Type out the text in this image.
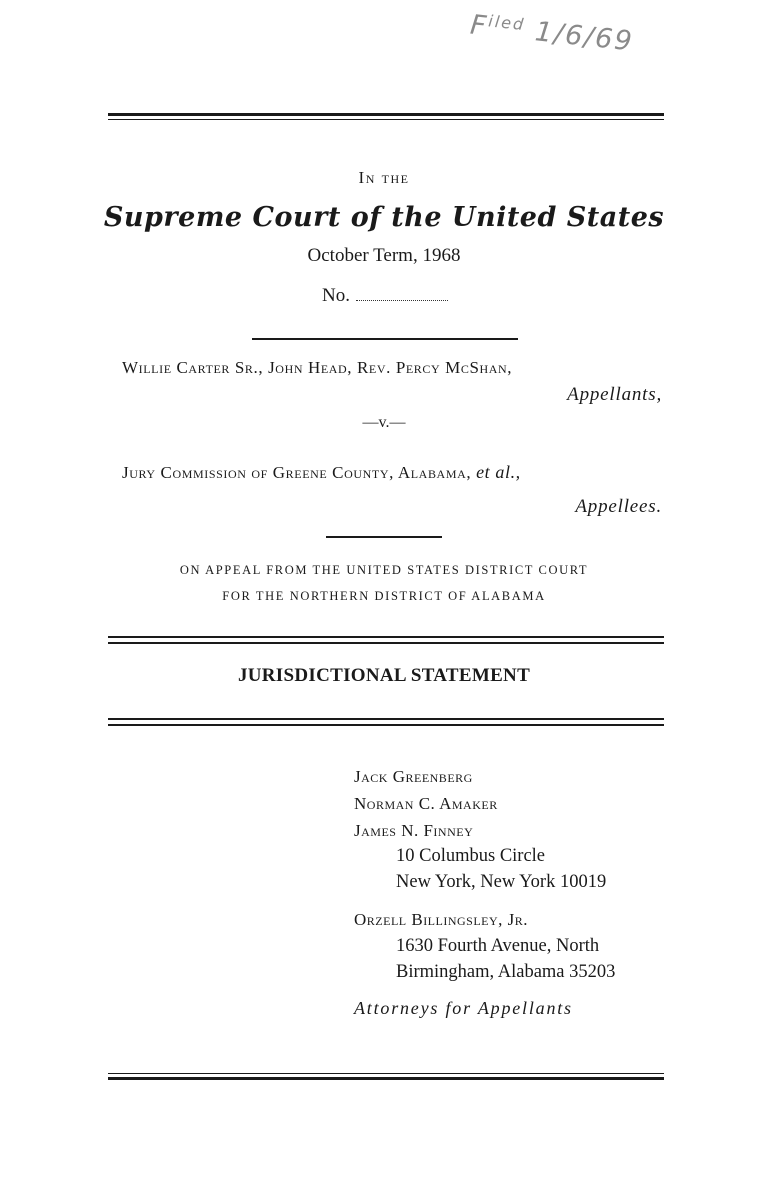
$F^{iled}$ 1/6/69
In the
Supreme Court of the United States
October Term, 1968
No.
Willie Carter Sr., John Head, Rev. Percy McShan,
Appellants,
—v.—
Jury Commission of Greene County, Alabama, et al.,
Appellees.
ON APPEAL FROM THE UNITED STATES DISTRICT COURT
FOR THE NORTHERN DISTRICT OF ALABAMA
JURISDICTIONAL STATEMENT
Jack Greenberg
Norman C. Amaker
James N. Finney
10 Columbus Circle
New York, New York 10019
Orzell Billingsley, Jr.
1630 Fourth Avenue, North
Birmingham, Alabama 35203
Attorneys for Appellants
